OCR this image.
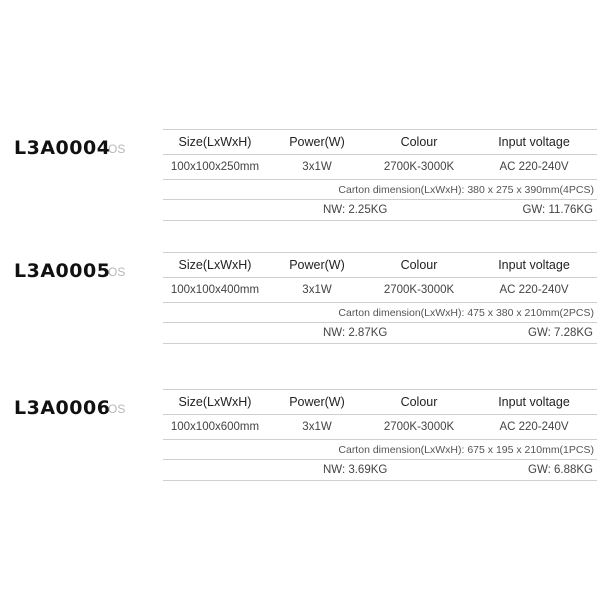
L3A0004
OS	Size(LxWxH)	Power(W)	Colour	Input voltage
100x100x250mm	3x1W	2700K-3000K	AC 220-240V
Carton dimension(LxWxH): 380 x 275 x 390mm(4PCS)			
NW: 2.25KG		GW: 11.76KG	
L3A0005
OS	Size(LxWxH)	Power(W)	Colour	Input voltage
100x100x400mm	3x1W	2700K-3000K	AC 220-240V
Carton dimension(LxWxH): 475 x 380 x 210mm(2PCS)			
NW: 2.87KG		GW: 7.28KG	
L3A0006
OS	Size(LxWxH)	Power(W)	Colour	Input voltage
100x100x600mm	3x1W	2700K-3000K	AC 220-240V
Carton dimension(LxWxH): 675 x 195 x 210mm(1PCS)			
NW: 3.69KG		GW: 6.88KG	
